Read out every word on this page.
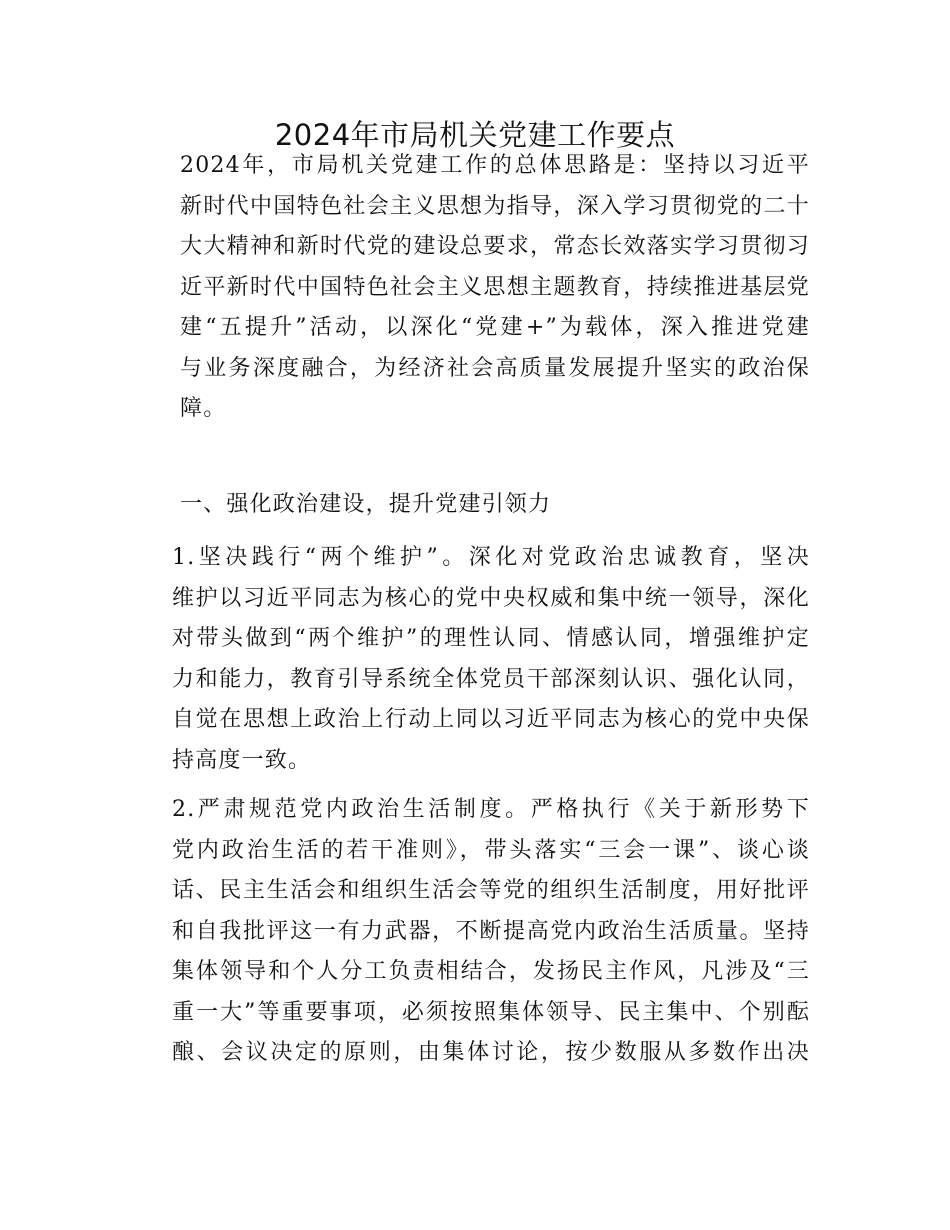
2024年市局机关党建工作要点
2024年，市局机关党建工作的总体思路是：坚持以习近平
新时代中国特色社会主义思想为指导，深入学习贯彻党的二十
大大精神和新时代党的建设总要求，常态长效落实学习贯彻习
近平新时代中国特色社会主义思想主题教育，持续推进基层党
建“五提升”活动，以深化“党建+”为载体，深入推进党建
与业务深度融合，为经济社会高质量发展提升坚实的政治保
障。
一、强化政治建设，提升党建引领力
1.坚决践行“两个维护”。深化对党政治忠诚教育，坚决
维护以习近平同志为核心的党中央权威和集中统一领导，深化
对带头做到“两个维护”的理性认同、情感认同，增强维护定
力和能力，教育引导系统全体党员干部深刻认识、强化认同，
自觉在思想上政治上行动上同以习近平同志为核心的党中央保
持高度一致。
2.严肃规范党内政治生活制度。严格执行《关于新形势下
党内政治生活的若干准则》，带头落实“三会一课”、谈心谈
话、民主生活会和组织生活会等党的组织生活制度，用好批评
和自我批评这一有力武器，不断提高党内政治生活质量。坚持
集体领导和个人分工负责相结合，发扬民主作风，凡涉及“三
重一大”等重要事项，必须按照集体领导、民主集中、个别酝
酿、会议决定的原则，由集体讨论，按少数服从多数作出决
